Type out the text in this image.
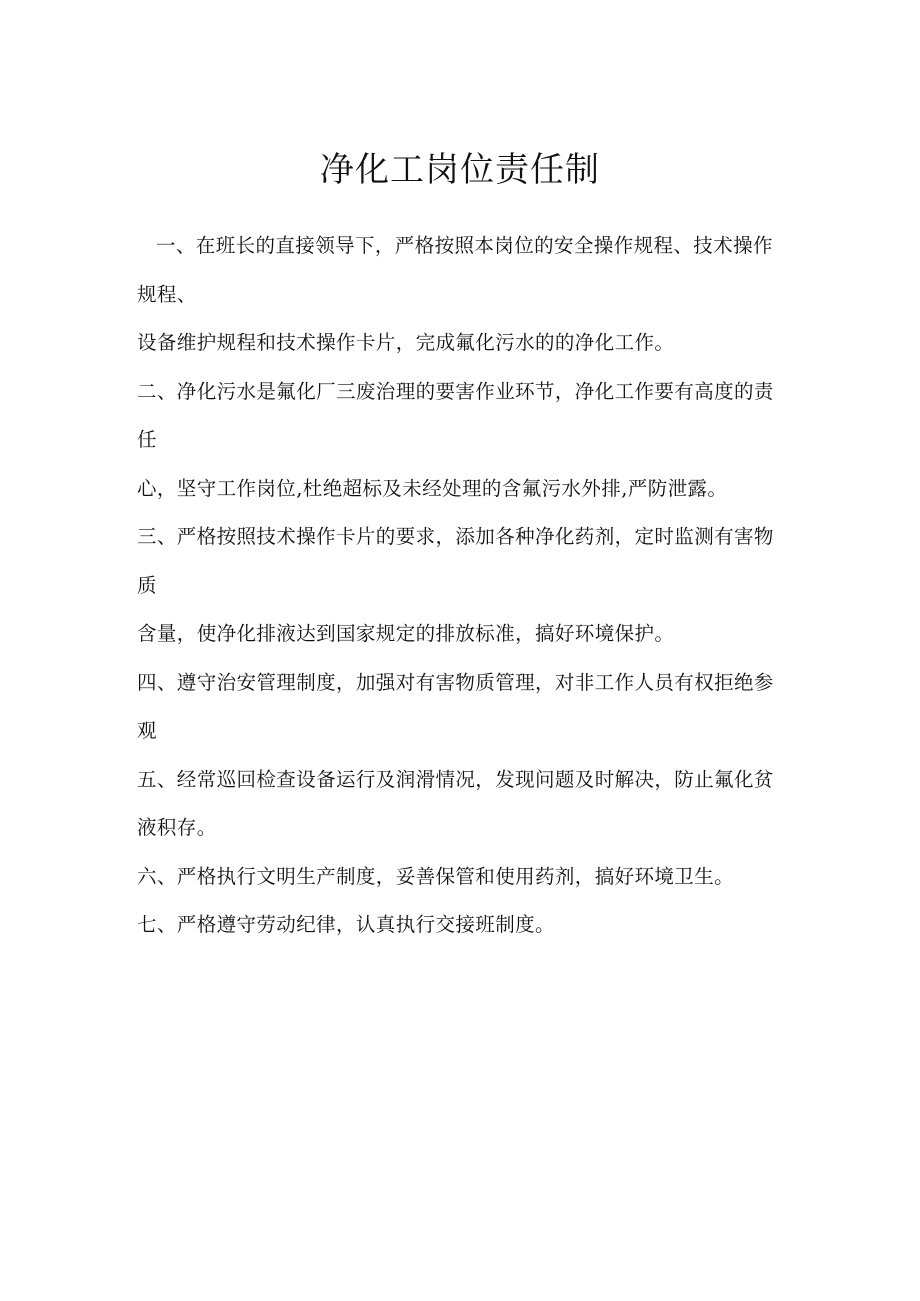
净化工岗位责任制
一、在班长的直接领导下，严格按照本岗位的安全操作规程、技术操作
规程、
设备维护规程和技术操作卡片，完成氟化污水的的净化工作。
二、净化污水是氟化厂三废治理的要害作业环节，净化工作要有高度的责
任
心，坚守工作岗位,杜绝超标及未经处理的含氟污水外排,严防泄露。
三、严格按照技术操作卡片的要求，添加各种净化药剂，定时监测有害物
质
含量，使净化排液达到国家规定的排放标准，搞好环境保护。
四、遵守治安管理制度，加强对有害物质管理，对非工作人员有权拒绝参
观
五、经常巡回检查设备运行及润滑情况，发现问题及时解决，防止氟化贫
液积存。
六、严格执行文明生产制度，妥善保管和使用药剂，搞好环境卫生。
七、严格遵守劳动纪律，认真执行交接班制度。
